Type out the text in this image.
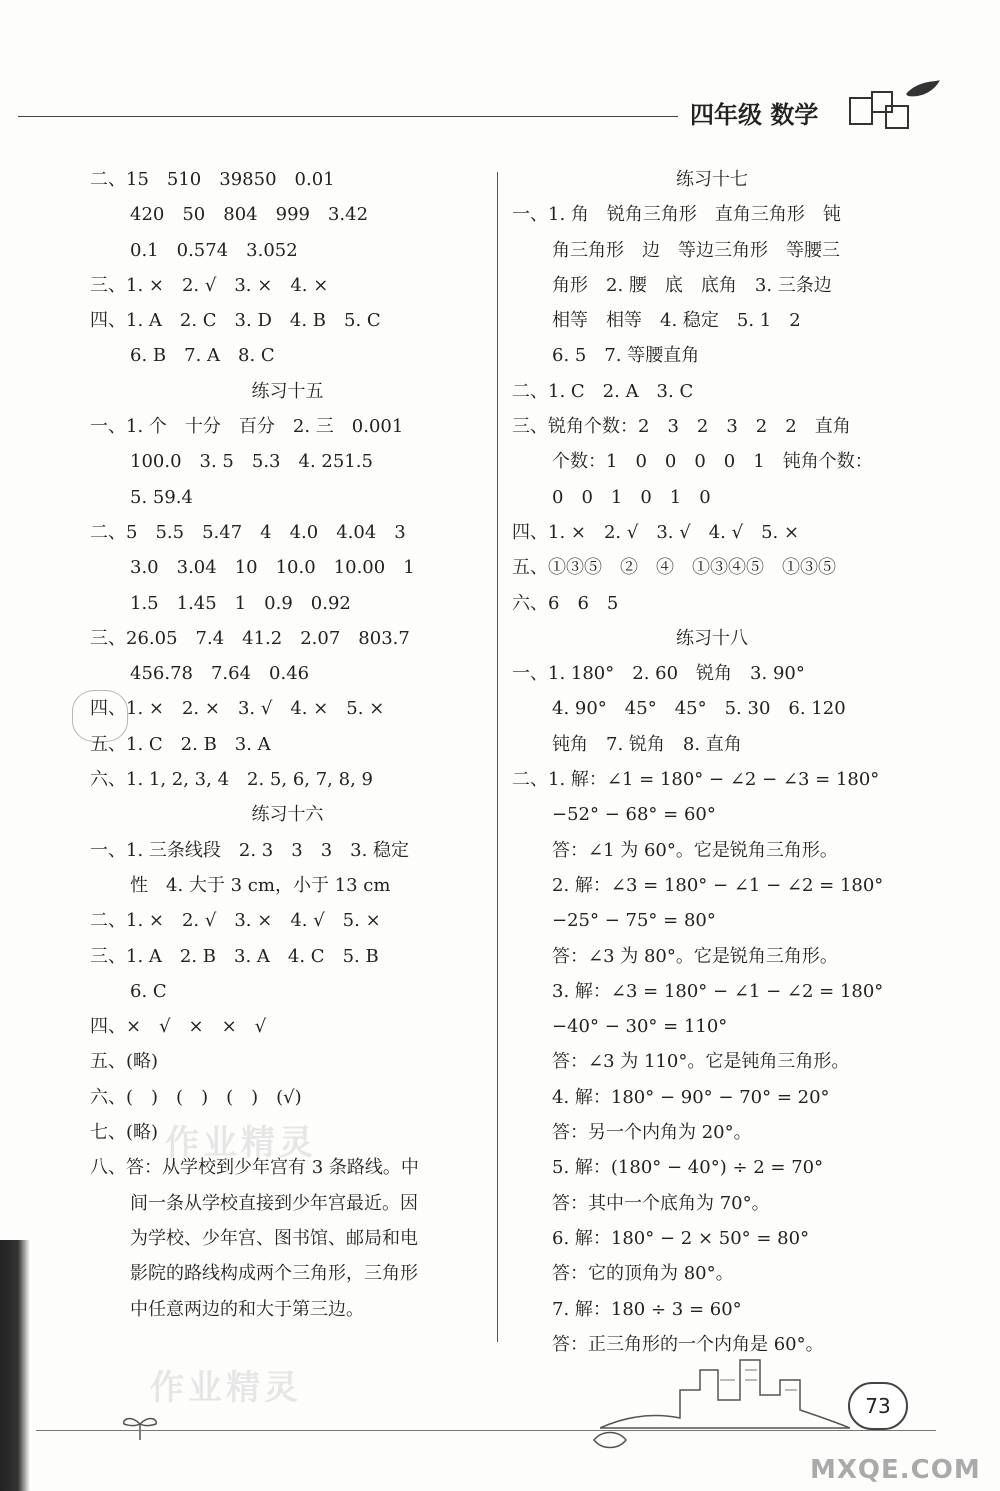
四年级 数学
二、15　510　39850　0.01
420　50　804　999　3.42
0.1　0.574　3.052
三、1. ×　2. √　3. ×　4. ×
四、1. A　2. C　3. D　4. B　5. C
6. B　7. A　8. C
练习十五
一、1. 个　十分　百分　2. 三　0.001
100.0　3. 5　5.3　4. 251.5
5. 59.4
二、5　5.5　5.47　4　4.0　4.04　3
3.0　3.04　10　10.0　10.00　1
1.5　1.45　1　0.9　0.92
三、26.05　7.4　41.2　2.07　803.7
456.78　7.64　0.46
四、1. ×　2. ×　3. √　4. ×　5. ×
五、1. C　2. B　3. A
六、1. 1, 2, 3, 4　2. 5, 6, 7, 8, 9
练习十六
一、1. 三条线段　2. 3　3　3　3. 稳定
性　4. 大于 3 cm，小于 13 cm
二、1. ×　2. √　3. ×　4. √　5. ×
三、1. A　2. B　3. A　4. C　5. B
6. C
四、×　√　×　×　√
五、(略)
六、(　)　(　)　(　)　(√)
七、(略)
八、答：从学校到少年宫有 3 条路线。中
间一条从学校直接到少年宫最近。因
为学校、少年宫、图书馆、邮局和电
影院的路线构成两个三角形，三角形
中任意两边的和大于第三边。
练习十七
一、1. 角　锐角三角形　直角三角形　钝
角三角形　边　等边三角形　等腰三
角形　2. 腰　底　底角　3. 三条边
相等　相等　4. 稳定　5. 1　2
6. 5　7. 等腰直角
二、1. C　2. A　3. C
三、锐角个数：2　3　2　3　2　2　直角
个数：1　0　0　0　0　1　钝角个数：
0　0　1　0　1　0
四、1. ×　2. √　3. √　4. √　5. ×
五、①③⑤　②　④　①③④⑤　①③⑤
六、6　6　5
练习十八
一、1. 180°　2. 60　锐角　3. 90°
4. 90°　45°　45°　5. 30　6. 120
钝角　7. 锐角　8. 直角
二、1. 解：∠1 = 180° − ∠2 − ∠3 = 180°
−52° − 68° = 60°
答：∠1 为 60°。它是锐角三角形。
2. 解：∠3 = 180° − ∠1 − ∠2 = 180°
−25° − 75° = 80°
答：∠3 为 80°。它是锐角三角形。
3. 解：∠3 = 180° − ∠1 − ∠2 = 180°
−40° − 30° = 110°
答：∠3 为 110°。它是钝角三角形。
4. 解：180° − 90° − 70° = 20°
答：另一个内角为 20°。
5. 解：(180° − 40°) ÷ 2 = 70°
答：其中一个底角为 70°。
6. 解：180° − 2 × 50° = 80°
答：它的顶角为 80°。
7. 解：180 ÷ 3 = 60°
答：正三角形的一个内角是 60°。
作业精灵
作业精灵	73
MXQE.COM
